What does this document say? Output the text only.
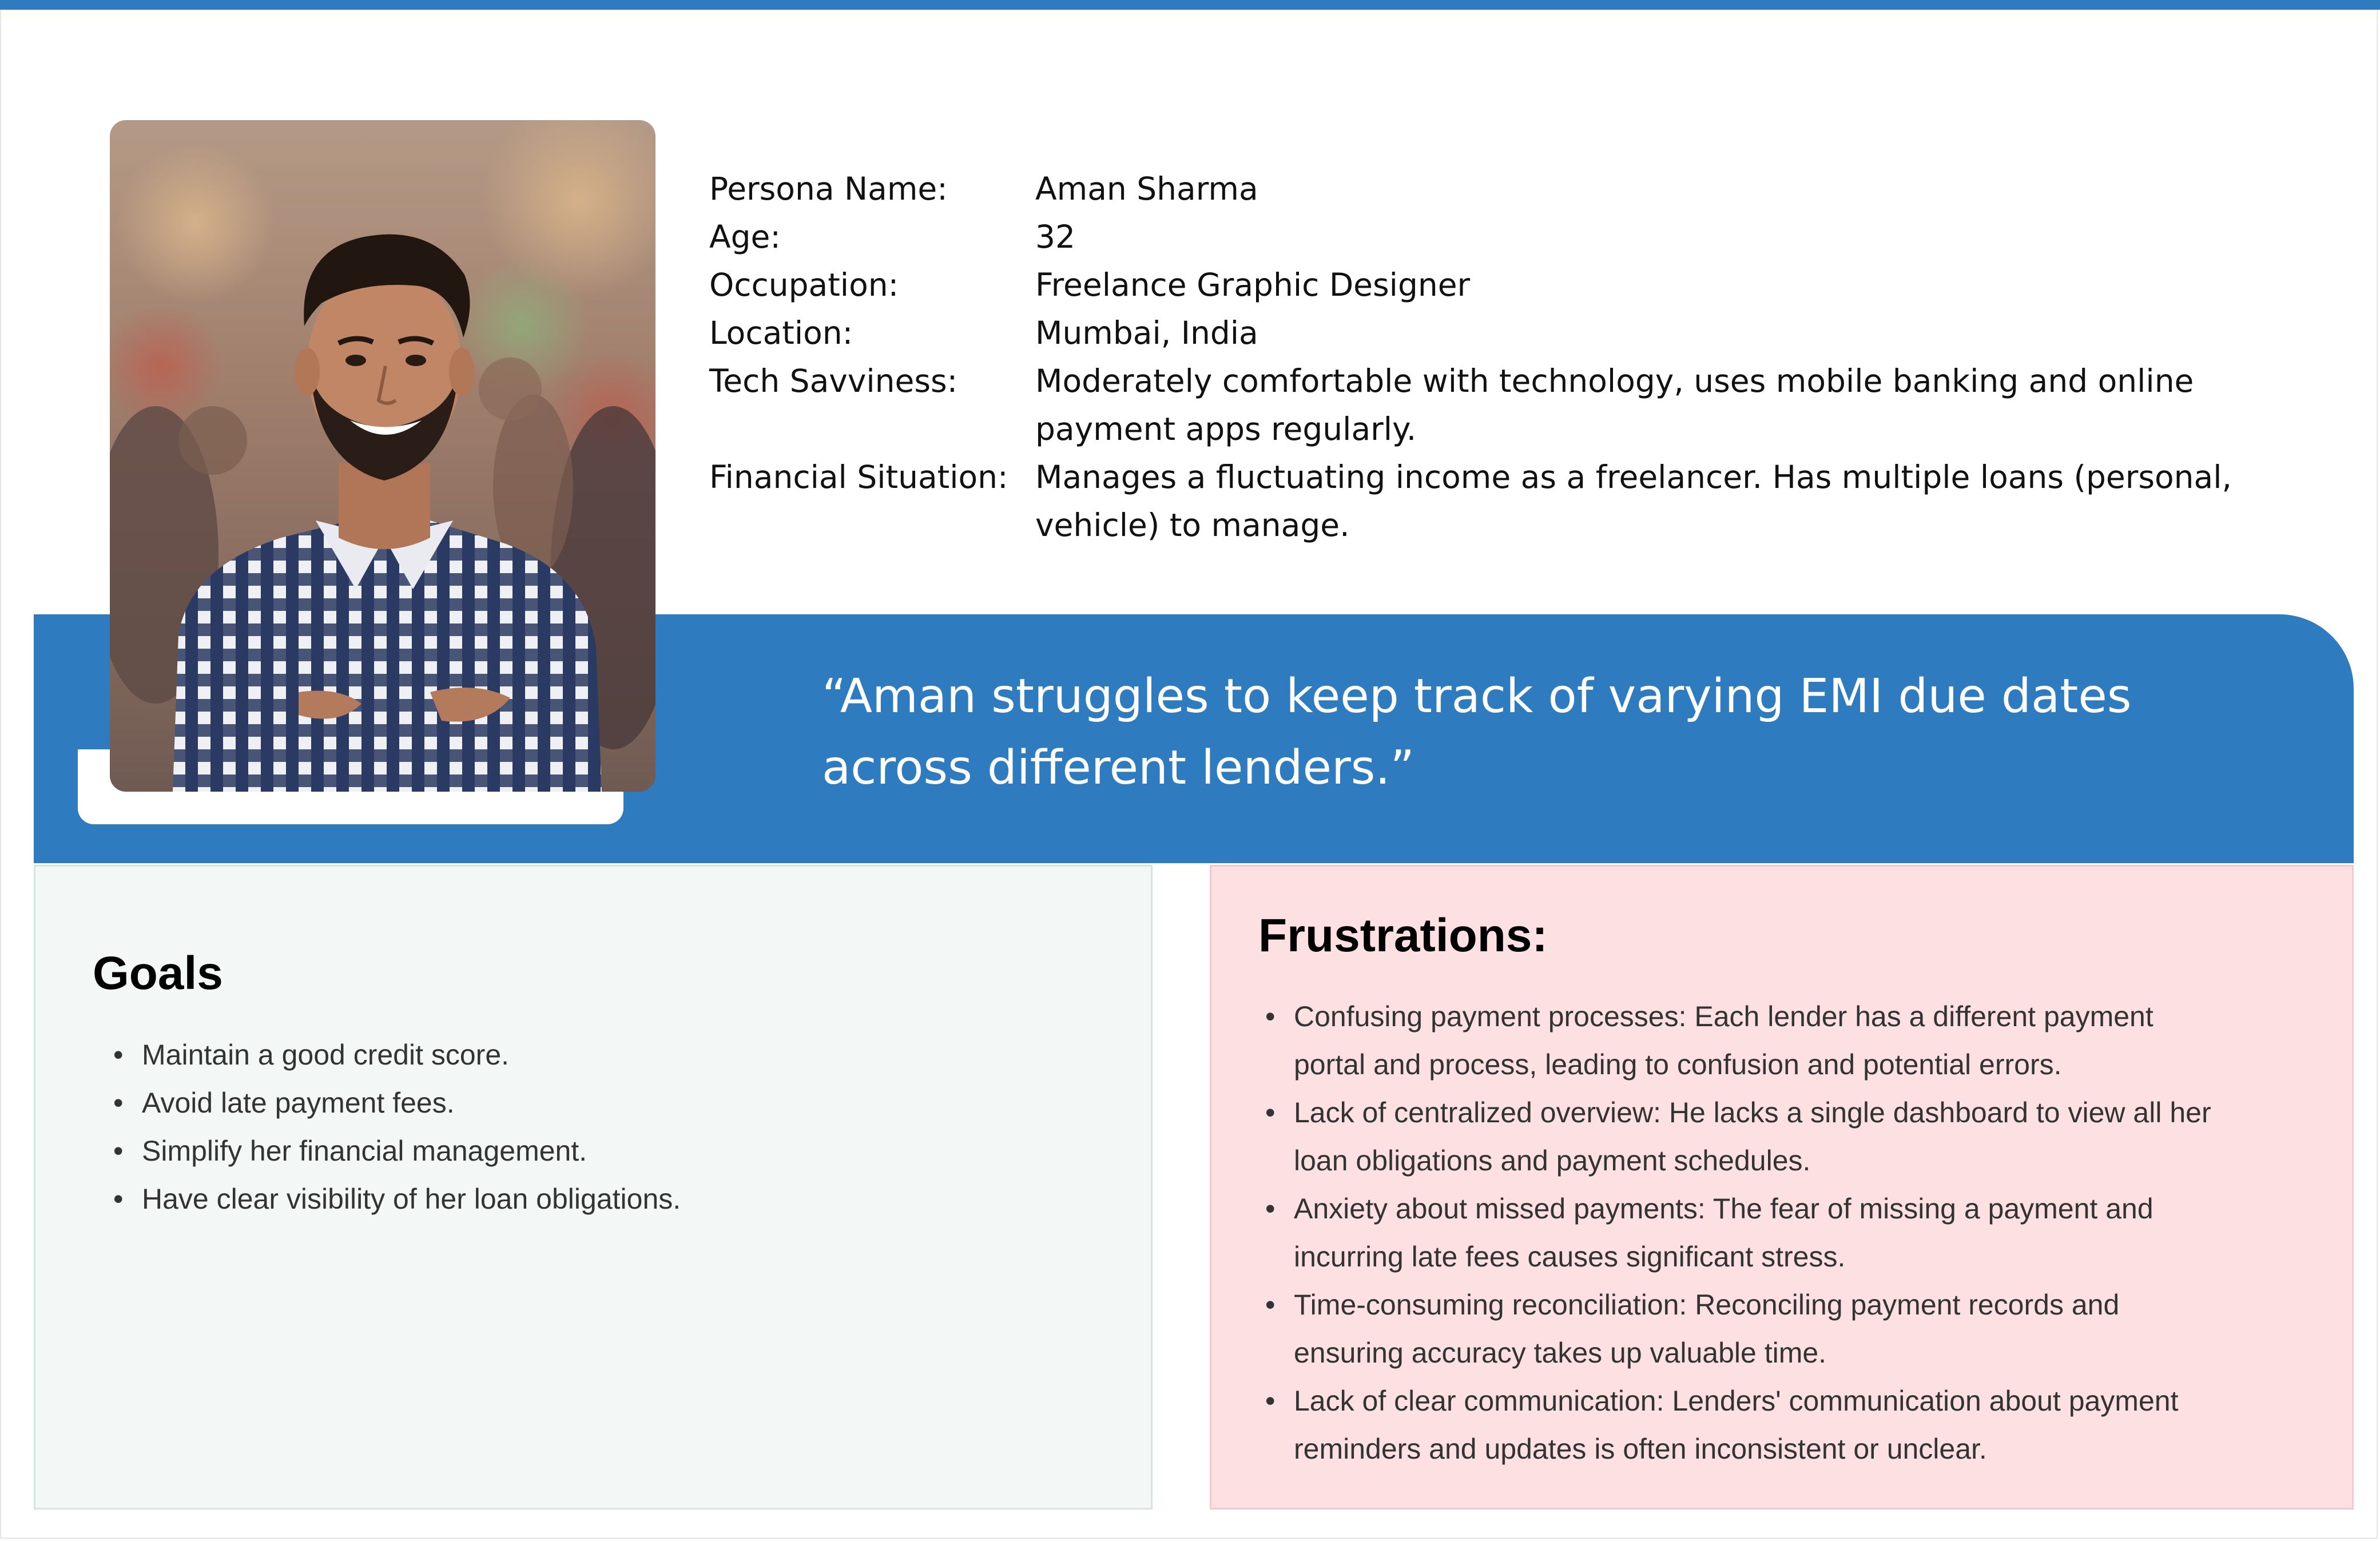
“Aman struggles to keep track of varying EMI due dates across different lenders.”

Persona Name:	Aman Sharma
Age:	32
Occupation:	Freelance Graphic Designer
Location:	Mumbai, India
Tech Savviness:	Moderately comfortable with technology, uses mobile banking and online payment apps regularly.
Financial Situation: Manages a fluctuating income as a freelancer. Has multiple loans (personal, vehicle) to manage.
Goals
• Maintain a good credit score.
• Avoid late payment fees.
• Simplify her financial management.
• Have clear visibility of her loan obligations.
Frustrations:
• Confusing payment processes: Each lender has a different payment portal and process, leading to confusion and potential errors.
• Lack of centralized overview: He lacks a single dashboard to view all her loan obligations and payment schedules.
• Anxiety about missed payments: The fear of missing a payment and incurring late fees causes significant stress.
• Time-consuming reconciliation: Reconciling payment records and ensuring accuracy takes up valuable time.
• Lack of clear communication: Lenders' communication about payment reminders and updates is often inconsistent or unclear.
